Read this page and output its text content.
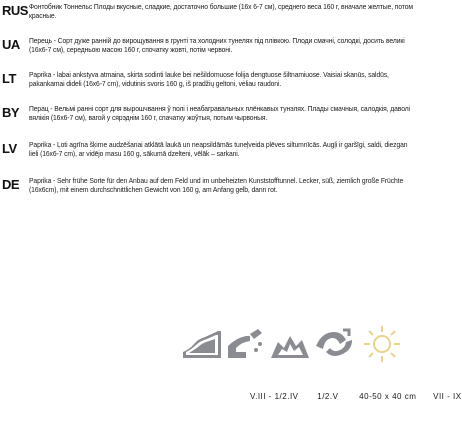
RUS Фонтобник Тоннельс Плоды вкусные, сладкие, достаточно большие (16x 6-7 см), среднего веса 160 г, вначале желтые, потом красные.
UA	Перець - Сорт дуже ранній до вирощування в грунті та холодних тунелях під плівкою. Плоди смачні, солодкі, досить великі (16х6-7 см), середньою масою 160 г, спочатку жовті, потім червоні.
LT	Paprika - labai ankstyva atmaina, skirta sodinti lauke bei nešildomuose folija dengtuose šiltnamiuose. Vaisiai skanūs, saldūs, pakankamai dideli (16x6-7 cm), vidutinis svoris 160 g, iš pradžių geltoni, vėliau raudoni.
BY	Перац - Вельмі ранні сорт для вырошчвання ў полі і неабагравальных плёнкавых тунэлях. Плады смачныя, салодкія, даволі вялікія (16х6-7 см), вагой у сярэднім 160 г, спачатку жоўтыя, потым чырвоныя.
LV	Paprika - Ļoti agrīna šķirne audzēšanai atklātā laukā un neapsildāmās tuneļveida plēves siltumnīcās. Augļi ir garšīgi, saldi, diezgan lieli (16x6-7 cm), ar vidējo masu 160 g, sākumā dzelteni, vēlāk – sarkani.
DE	Paprika - Sehr frühe Sorte für den Anbau auf dem Feld und im unbeheizten Kunststofftunnel. Lecker, süß, ziemlich große Früchte (16x6cm), mit einem durchschnittlichen Gewicht von 160 g, am Anfang gelb, dann rot.
V.III - 1/2.IV 1/2.V	40-50 x 40 cm VII - IX
